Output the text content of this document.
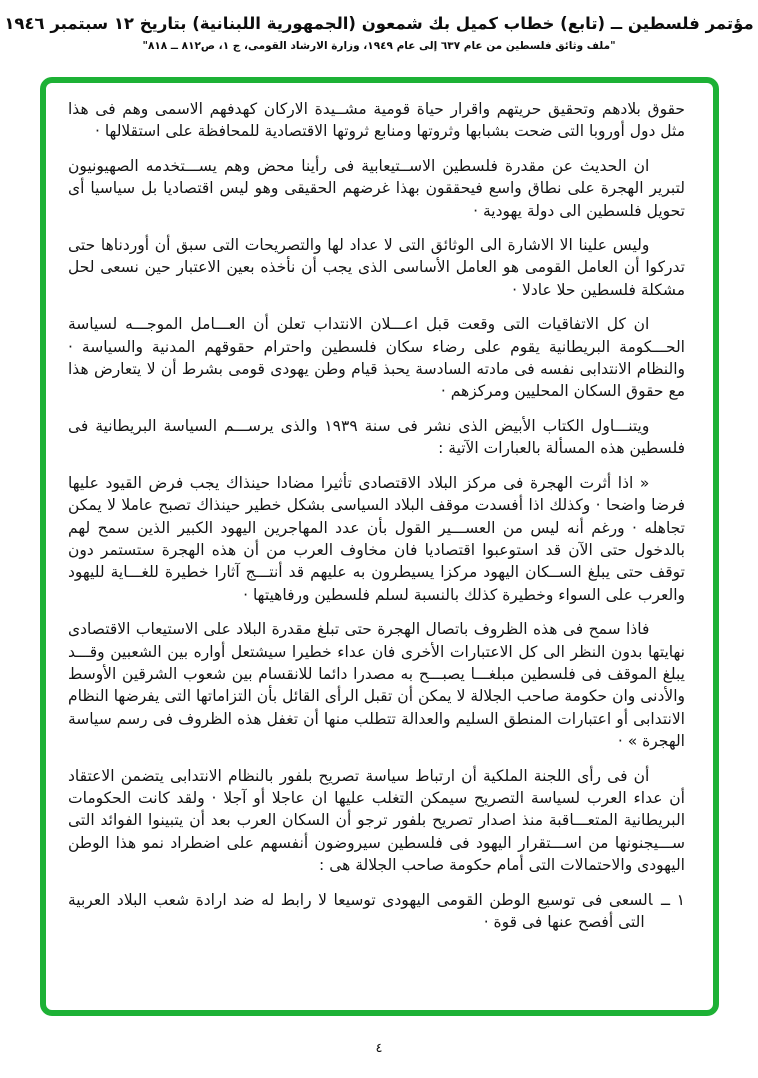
مؤتمر فلسطين ــ (تابع) خطاب كميل بك شمعون (الجمهورية اللبنانية) بتاريخ ١٢ سبتمبر ١٩٤٦
"ملف وثائق فلسطين من عام ٦٣٧ إلى عام ١٩٤٩، وزارة الارشاد القومى، ج ١، ص٨١٢ ــ ٨١٨"

حقوق بلادهم وتحقيق حريتهم واقرار حياة قومية مشــيدة الاركان كهدفهم الاسمى وهم فى هذا مثل دول أوروبا التى ضحت بشبابها وثروتها ومنابع ثروتها الاقتصادية للمحافظة على استقلالها ·

ان الحديث عن مقدرة فلسطين الاســتيعابية فى رأينا محض وهم يســـتخدمه الصهيونيون لتبرير الهجرة على نطاق واسع فيحققون بهذا غرضهم الحقيقى وهو ليس اقتصاديا بل سياسيا أى تحويل فلسطين الى دولة يهودية ·

وليس علينا الا الاشارة الى الوثائق التى لا عداد لها والتصريحات التى سبق أن أوردناها حتى تدركوا أن العامل القومى هو العامل الأساسى الذى يجب أن نأخذه بعين الاعتبار حين نسعى لحل مشكلة فلسطين حلا عادلا ·

ان كل الاتفاقيات التى وقعت قبل اعـــلان الانتداب تعلن أن العـــامل الموجـــه لسياسة الحـــكومة البريطانية يقوم على رضاء سكان فلسطين واحترام حقوقهم المدنية والسياسة · والنظام الانتدابى نفسه فى مادته السادسة يحبذ قيام وطن يهودى قومى بشرط أن لا يتعارض هذا مع حقوق السكان المحليين ومركزهم ·

ويتنـــاول الكتاب الأبيض الذى نشر فى سنة ١٩٣٩ والذى يرســـم السياسة البريطانية فى فلسطين هذه المسألة بالعبارات الآتية :

« اذا أثرت الهجرة فى مركز البلاد الاقتصادى تأثيرا مضادا حينذاك يجب فرض القيود عليها فرضا واضحا · وكذلك اذا أفسدت موقف البلاد السياسى بشكل خطير حينذاك تصبح عاملا لا يمكن تجاهله · ورغم أنه ليس من العســـير القول بأن عدد المهاجرين اليهود الكبير الذين سمح لهم بالدخول حتى الآن قد استوعبوا اقتصاديا فان مخاوف العرب من أن هذه الهجرة ستستمر دون توقف حتى يبلغ الســكان اليهود مركزا يسيطرون به عليهم قد أنتـــج آثارا خطيرة للغـــاية لليهود والعرب على السواء وخطيرة كذلك بالنسبة لسلم فلسطين ورفاهيتها ·

فاذا سمح فى هذه الظروف باتصال الهجرة حتى تبلغ مقدرة البلاد على الاستيعاب الاقتصادى نهايتها بدون النظر الى كل الاعتبارات الأخرى فان عداء خطيرا سيشتعل أواره بين الشعبين وقـــد يبلغ الموقف فى فلسطين مبلغـــا يصبـــح به مصدرا دائما للانقسام بين شعوب الشرقين الأوسط والأدنى وان حكومة صاحب الجلالة لا يمكن أن تقبل الرأى القائل بأن التزاماتها التى يفرضها النظام الانتدابى أو اعتبارات المنطق السليم والعدالة تتطلب منها أن تغفل هذه الظروف فى رسم سياسة الهجرة » ·

أن فى رأى اللجنة الملكية أن ارتباط سياسة تصريح بلفور بالنظام الانتدابى يتضمن الاعتقاد أن عداء العرب لسياسة التصريح سيمكن التغلب عليها ان عاجلا أو آجلا · ولقد كانت الحكومات البريطانية المتعـــاقبة منذ اصدار تصريح بلفور ترجو أن السكان العرب بعد أن يتبينوا الفوائد التى ســـيجنونها من اســـتقرار اليهود فى فلسطين سيروضون أنفسهم على اضطراد نمو هذا الوطن اليهودى والاحتمالات التى أمام حكومة صاحب الجلالة هى :

١ ــالسعى فى توسيع الوطن القومى اليهودى توسيعا لا رابط له ضد ارادة شعب البلاد العربية التى أفصح عنها فى قوة ·
٤
